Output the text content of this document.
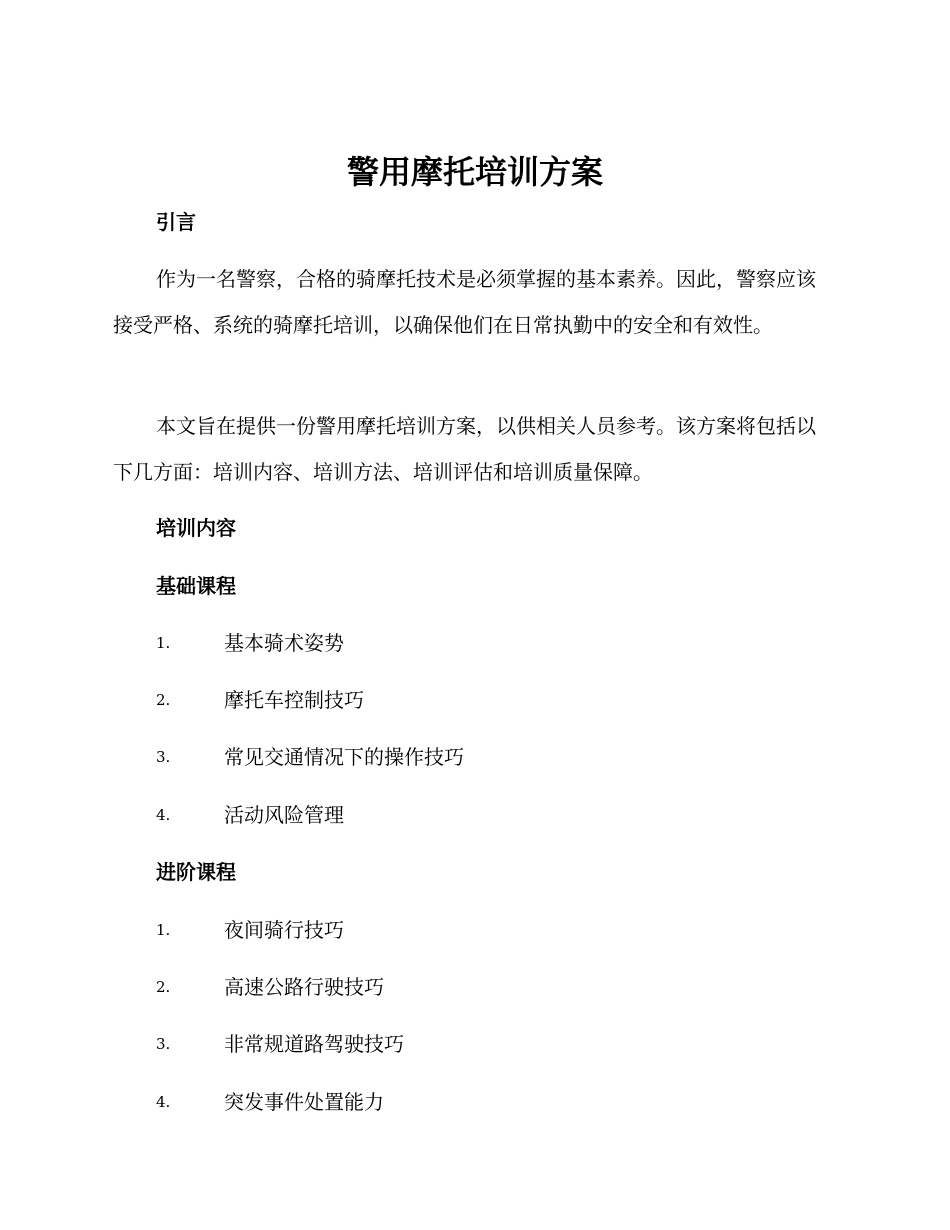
警用摩托培训方案
引言

作为一名警察，合格的骑摩托技术是必须掌握的基本素养。因此，警察应该接受严格、系统的骑摩托培训，以确保他们在日常执勤中的安全和有效性。

本文旨在提供一份警用摩托培训方案，以供相关人员参考。该方案将包括以下几方面：培训内容、培训方法、培训评估和培训质量保障。

培训内容
基础课程
1.	基本骑术姿势
2.	摩托车控制技巧
3.	常见交通情况下的操作技巧
4.	活动风险管理
进阶课程
1.	夜间骑行技巧
2.	高速公路行驶技巧
3.	非常规道路驾驶技巧
4.	突发事件处置能力
